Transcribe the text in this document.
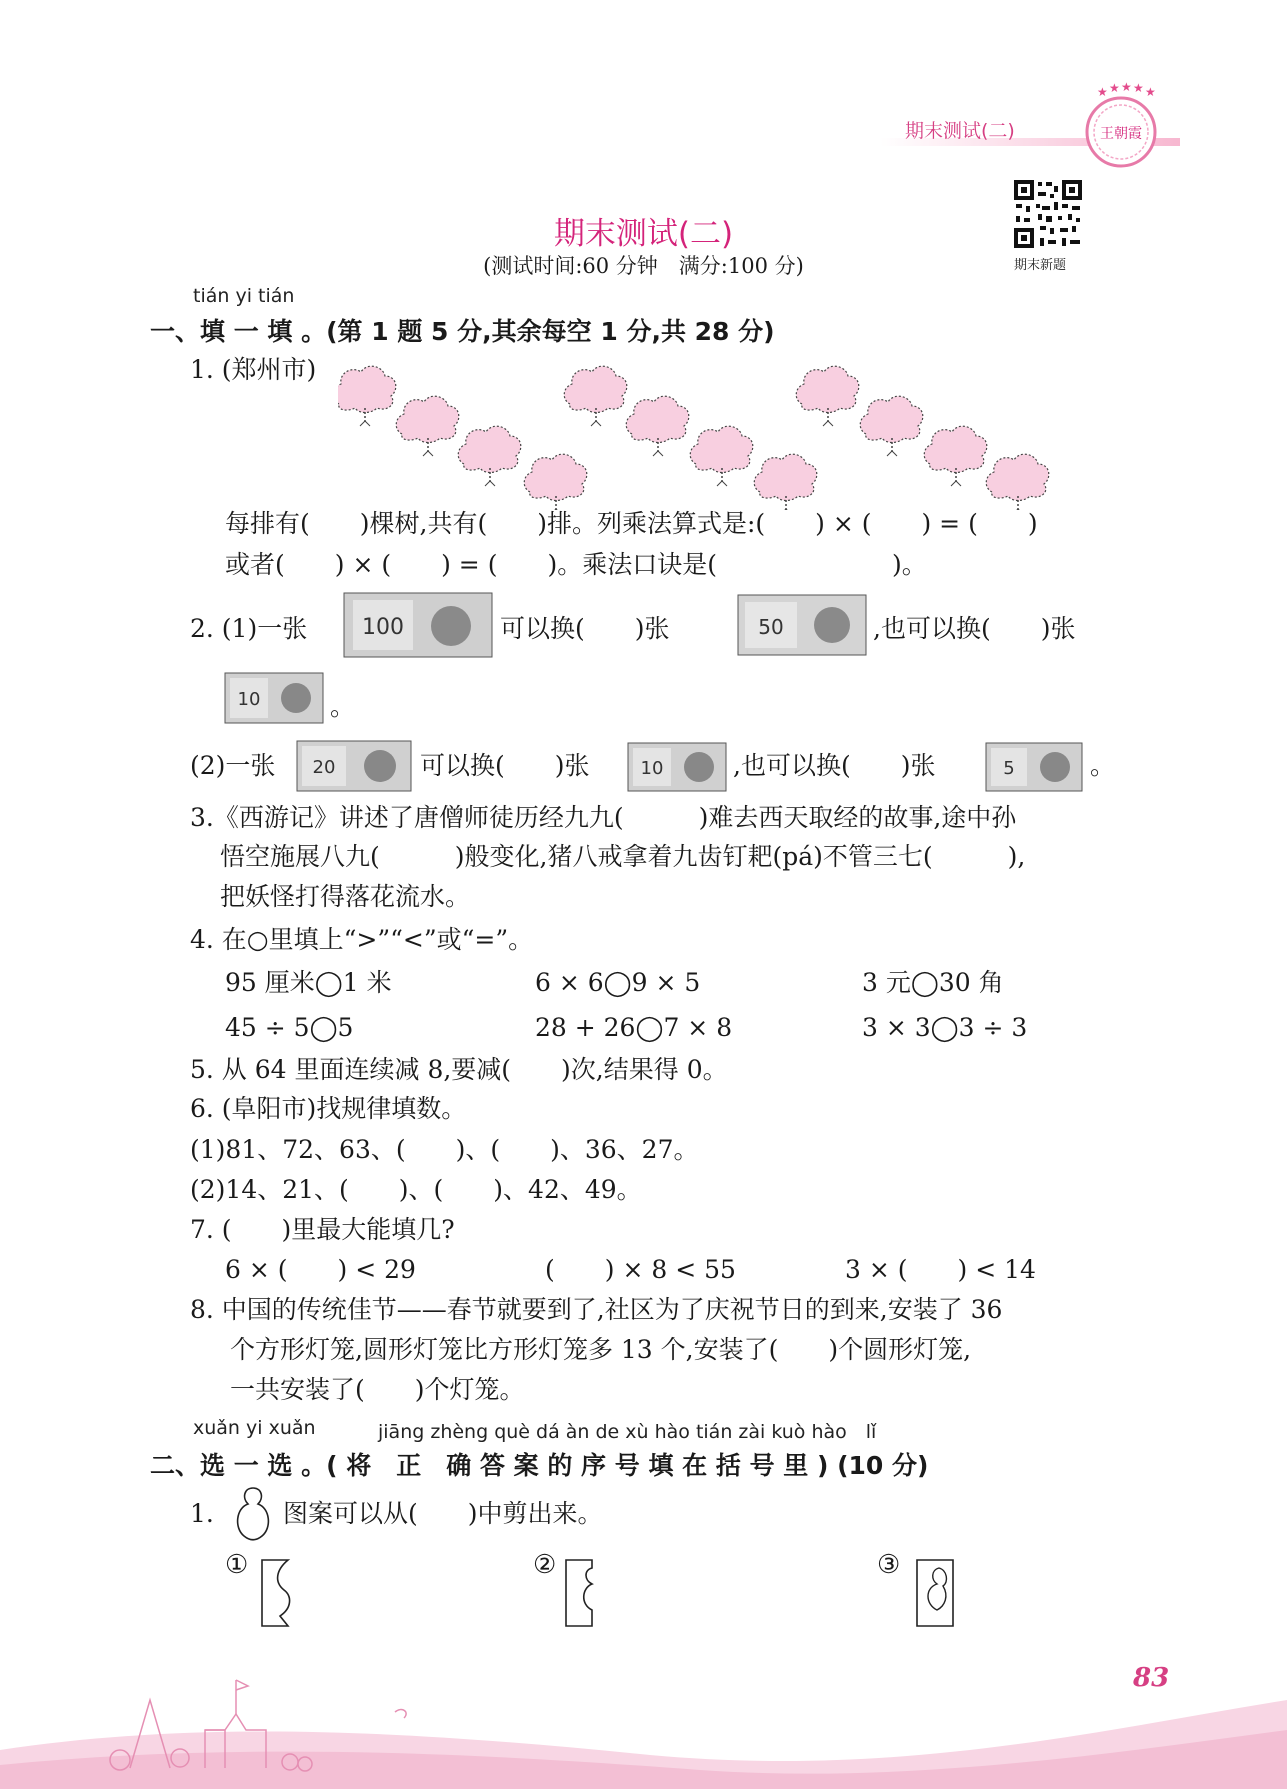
期末测试(二)	王朝霞
★ ★ ★ ★ ★
期末测试(二)
(测试时间:60 分钟　满分:100 分)	期末新题
tián yi tián
一、填 一 填 。(第 1 题 5 分,其余每空 1 分,共 28 分)
1. (郑州市)
每排有(　　)棵树,共有(　　)排。列乘法算式是:(　　) × (　　) = (　　)
或者(　　) × (　　) = (　　)。乘法口诀是(　　　　　　　)。
2. (1)一张 100	可以换(　　)张	50	,也可以换(　　)张
10	。
(2)一张 20	可以换(　　)张	10	,也可以换(　　)张	5	。
3.《西游记》讲述了唐僧师徒历经九九(　　　)难去西天取经的故事,途中孙
悟空施展八九(　　　)般变化,猪八戒拿着九齿钉耙(pá)不管三七(　　　),
把妖怪打得落花流水。
4. 在○里填上“>”“<”或“=”。
95 厘米◯1 米	6 × 6◯9 × 5	3 元◯30 角
45 ÷ 5◯5	28 + 26◯7 × 8	3 × 3◯3 ÷ 3
5. 从 64 里面连续减 8,要减(　　)次,结果得 0。
6. (阜阳市)找规律填数。
(1)81、72、63、(　　)、(　　)、36、27。
(2)14、21、(　　)、(　　)、42、49。
7. (　　)里最大能填几?
6 × (　　) < 29	(　　) × 8 < 55	3 × (　　) < 14
8. 中国的传统佳节——春节就要到了,社区为了庆祝节日的到来,安装了 36
个方形灯笼,圆形灯笼比方形灯笼多 13 个,安装了(　　)个圆形灯笼,
一共安装了(　　)个灯笼。
xuǎn yi xuǎn	jiāng zhèng què dá àn de xù hào tián zài kuò hào　lǐ
二、选 一 选 。( 将　正　确 答 案 的 序 号 填 在 括 号 里 ) (10 分)
1.	图案可以从(　　)中剪出来。
①	②	③
83
